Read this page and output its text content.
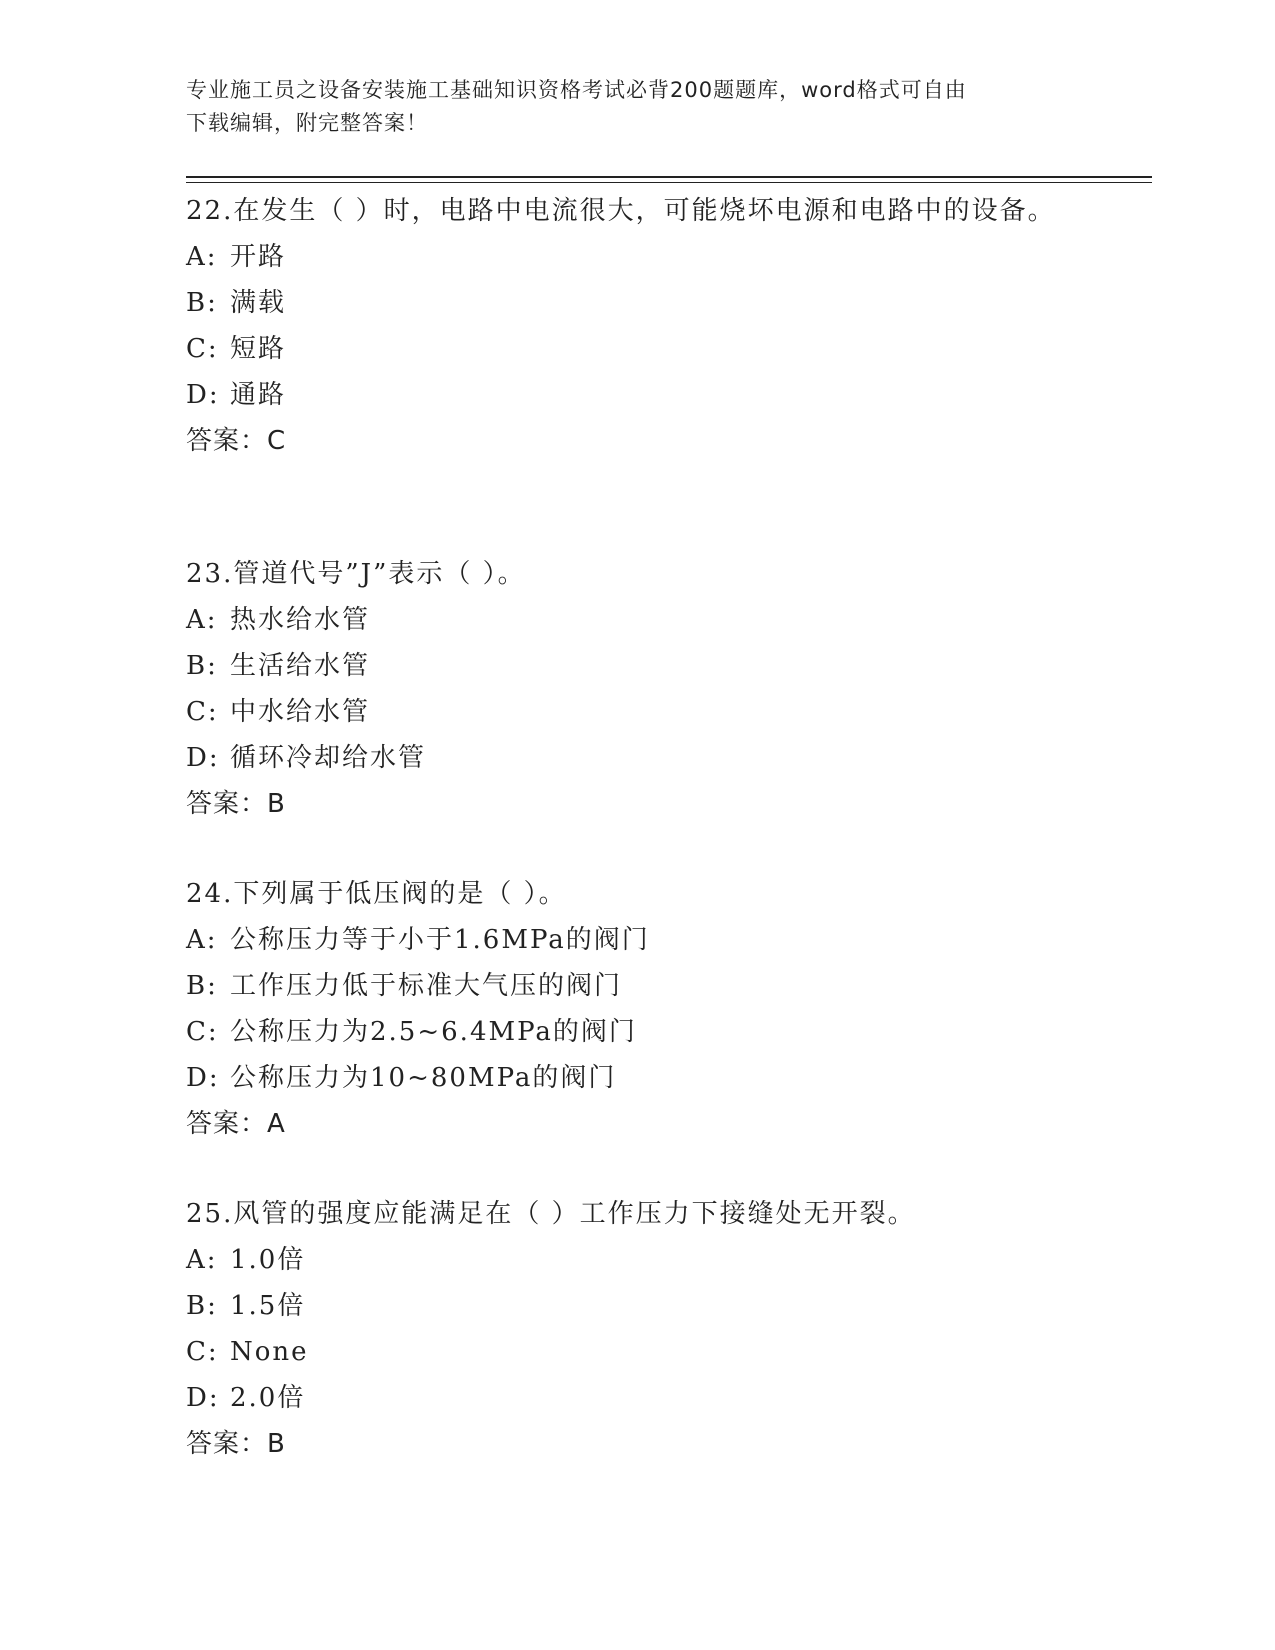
专业施工员之设备安装施工基础知识资格考试必背200题题库，word格式可自由
下载编辑，附完整答案！

22.在发生（ ）时，电路中电流很大，可能烧坏电源和电路中的设备。

A: 开路

B: 满载

C: 短路

D: 通路

答案：C

23.管道代号”J”表示（ ）。

A: 热水给水管

B: 生活给水管

C: 中水给水管

D: 循环冷却给水管

答案：B

24.下列属于低压阀的是（ ）。

A: 公称压力等于小于1.6MPa的阀门

B: 工作压力低于标准大气压的阀门

C: 公称压力为2.5~6.4MPa的阀门

D: 公称压力为10~80MPa的阀门

答案：A

25.风管的强度应能满足在（ ）工作压力下接缝处无开裂。

A: 1.0倍

B: 1.5倍

C: None

D: 2.0倍

答案：B
